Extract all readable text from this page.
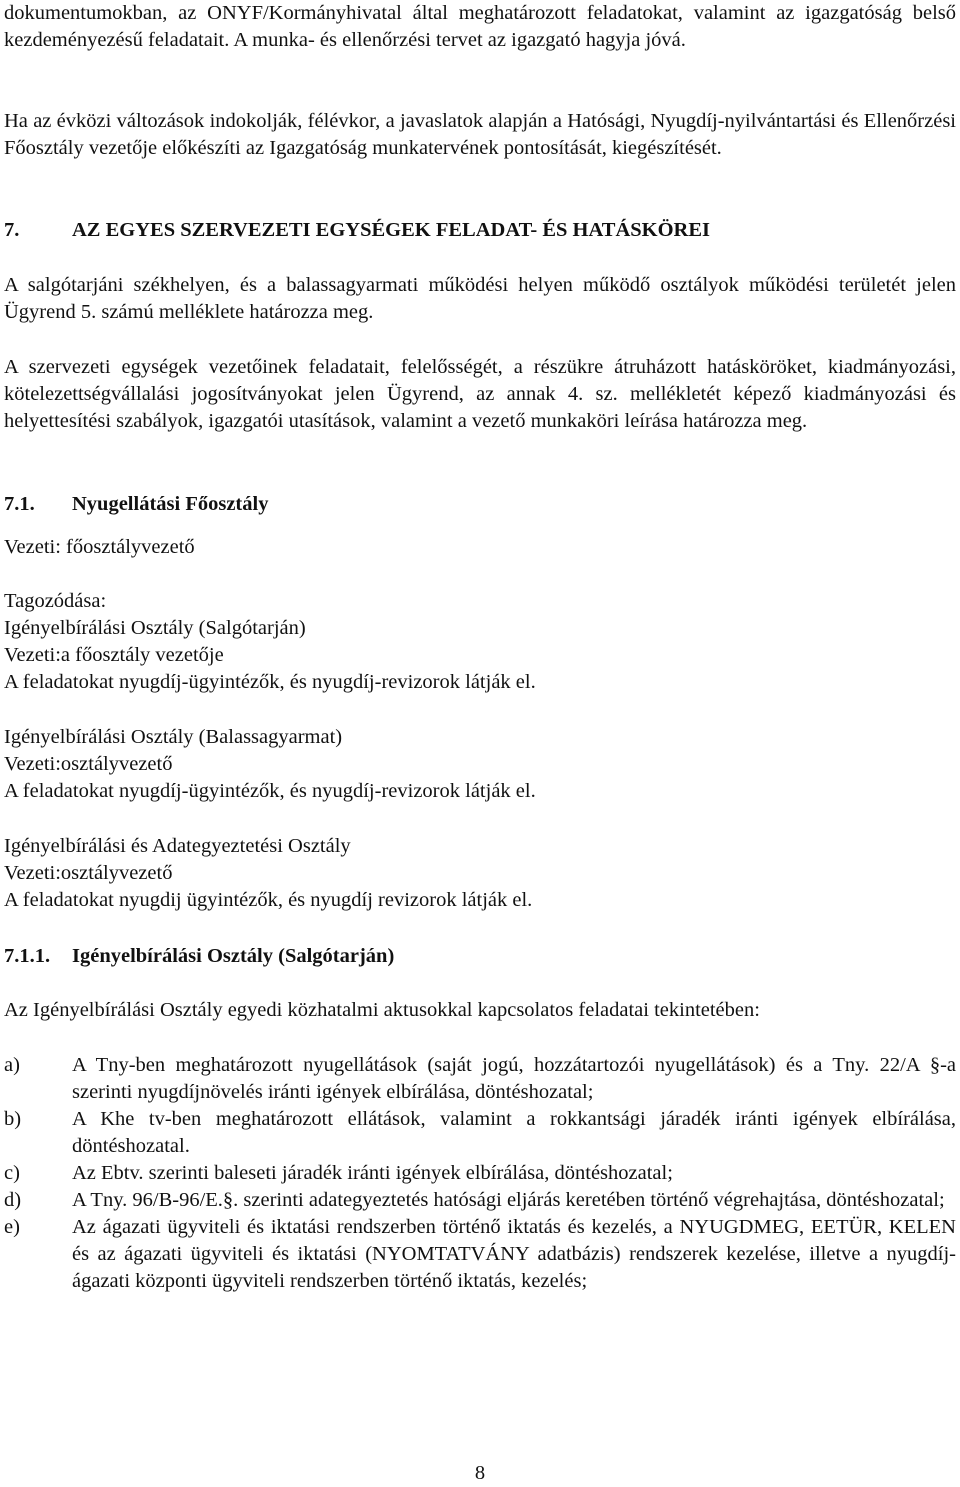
dokumentumokban, az ONYF/Kormányhivatal által meghatározott feladatokat, valamint az igazgatóság belső kezdeményezésű feladatait. A munka- és ellenőrzési tervet az igazgató hagyja jóvá.

Ha az évközi változások indokolják, félévkor, a javaslatok alapján a Hatósági, Nyugdíj-nyilvántartási és Ellenőrzési Főosztály vezetője előkészíti az Igazgatóság munkatervének pontosítását, kiegészítését.

7.	AZ EGYES SZERVEZETI EGYSÉGEK FELADAT- ÉS HATÁSKÖREI

A salgótarjáni székhelyen, és a balassagyarmati működési helyen működő osztályok működési területét jelen Ügyrend 5. számú melléklete határozza meg.

A szervezeti egységek vezetőinek feladatait, felelősségét, a részükre átruházott hatásköröket, kiadmányozási, kötelezettségvállalási jogosítványokat jelen Ügyrend, az annak 4. sz. mellékletét képező kiadmányozási és helyettesítési szabályok, igazgatói utasítások, valamint a vezető munkaköri leírása határozza meg.

7.1. Nyugellátási Főosztály

Vezeti: főosztályvezető

Tagozódása:

Igényelbírálási Osztály (Salgótarján)
Vezeti:a főosztály vezetője
A feladatokat nyugdíj-ügyintézők, és nyugdíj-revizorok látják el.
Igényelbírálási Osztály (Balassagyarmat)
Vezeti:osztályvezető
A feladatokat nyugdíj-ügyintézők, és nyugdíj-revizorok látják el.
Igényelbírálási és Adategyeztetési Osztály
Vezeti:osztályvezető
A feladatokat nyugdij ügyintézők, és nyugdíj revizorok látják el.

7.1.1. Igényelbírálási Osztály (Salgótarján)

Az Igényelbírálási Osztály egyedi közhatalmi aktusokkal kapcsolatos feladatai tekintetében:

a)	A Tny-ben meghatározott nyugellátások (saját jogú, hozzátartozói nyugellátások) és a Tny. 22/A §-a szerinti nyugdíjnövelés iránti igények elbírálása, döntéshozatal;
b)	A Khe tv-ben meghatározott ellátások, valamint a rokkantsági járadék iránti igények elbírálása, döntéshozatal.
c)	Az Ebtv. szerinti baleseti járadék iránti igények elbírálása, döntéshozatal;
d)	A Tny. 96/B-96/E.§. szerinti adategyeztetés hatósági eljárás keretében történő végrehajtása, döntéshozatal;
e)	Az ágazati ügyviteli és iktatási rendszerben történő iktatás és kezelés, a NYUGDMEG, EETÜR, KELEN és az ágazati ügyviteli és iktatási (NYOMTATVÁNY adatbázis) rendszerek kezelése, illetve a nyugdíj-ágazati központi ügyviteli rendszerben történő iktatás, kezelés;
8
